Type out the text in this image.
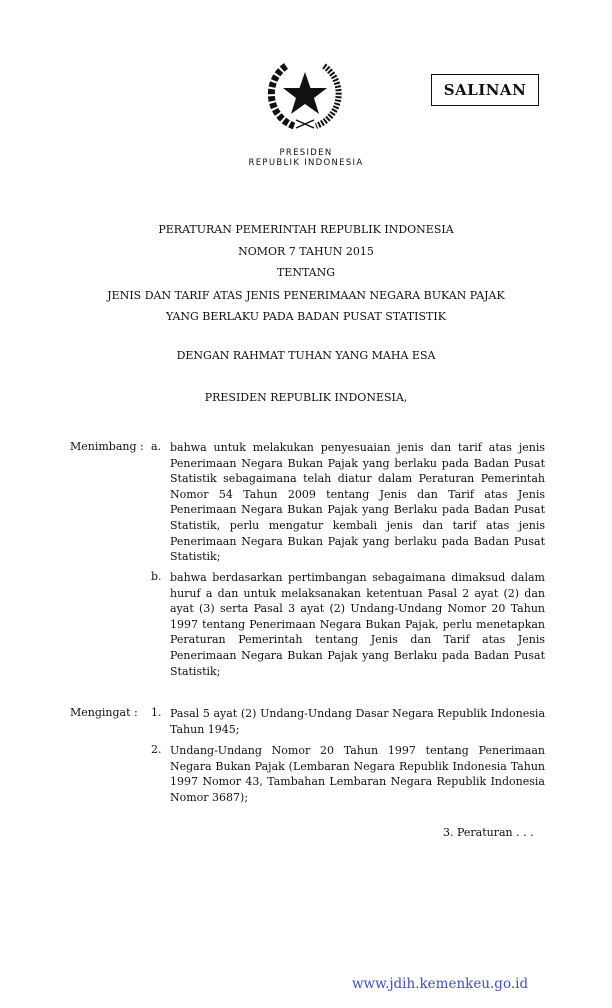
SALINAN
PRESIDEN
REPUBLIK INDONESIA
PERATURAN PEMERINTAH REPUBLIK INDONESIA
NOMOR 7 TAHUN 2015
TENTANG
JENIS DAN TARIF ATAS JENIS PENERIMAAN NEGARA BUKAN PAJAK
YANG BERLAKU PADA BADAN PUSAT STATISTIK
DENGAN RAHMAT TUHAN YANG MAHA ESA
PRESIDEN REPUBLIK INDONESIA,
Menimbang : a. bahwa untuk melakukan penyesuaian jenis dan tarif atas jenis Penerimaan Negara Bukan Pajak yang berlaku pada Badan Pusat Statistik sebagaimana telah diatur dalam Peraturan Pemerintah Nomor 54 Tahun 2009 tentang Jenis dan Tarif atas Jenis Penerimaan Negara Bukan Pajak yang Berlaku pada Badan Pusat Statistik, perlu mengatur kembali jenis dan tarif atas jenis Penerimaan Negara Bukan Pajak yang berlaku pada Badan Pusat Statistik;
b. bahwa berdasarkan pertimbangan sebagaimana dimaksud dalam huruf a dan untuk melaksanakan ketentuan Pasal 2 ayat (2) dan ayat (3) serta Pasal 3 ayat (2) Undang-Undang Nomor 20 Tahun 1997 tentang Penerimaan Negara Bukan Pajak, perlu menetapkan Peraturan Pemerintah tentang Jenis dan Tarif atas Jenis Penerimaan Negara Bukan Pajak yang Berlaku pada Badan Pusat Statistik;
Mengingat : 1. Pasal 5 ayat (2) Undang-Undang Dasar Negara Republik Indonesia Tahun 1945;
2. Undang-Undang Nomor 20 Tahun 1997 tentang Penerimaan Negara Bukan Pajak (Lembaran Negara Republik Indonesia Tahun 1997 Nomor 43, Tambahan Lembaran Negara Republik Indonesia Nomor 3687);
3. Peraturan . . .
www.jdih.kemenkeu.go.id
